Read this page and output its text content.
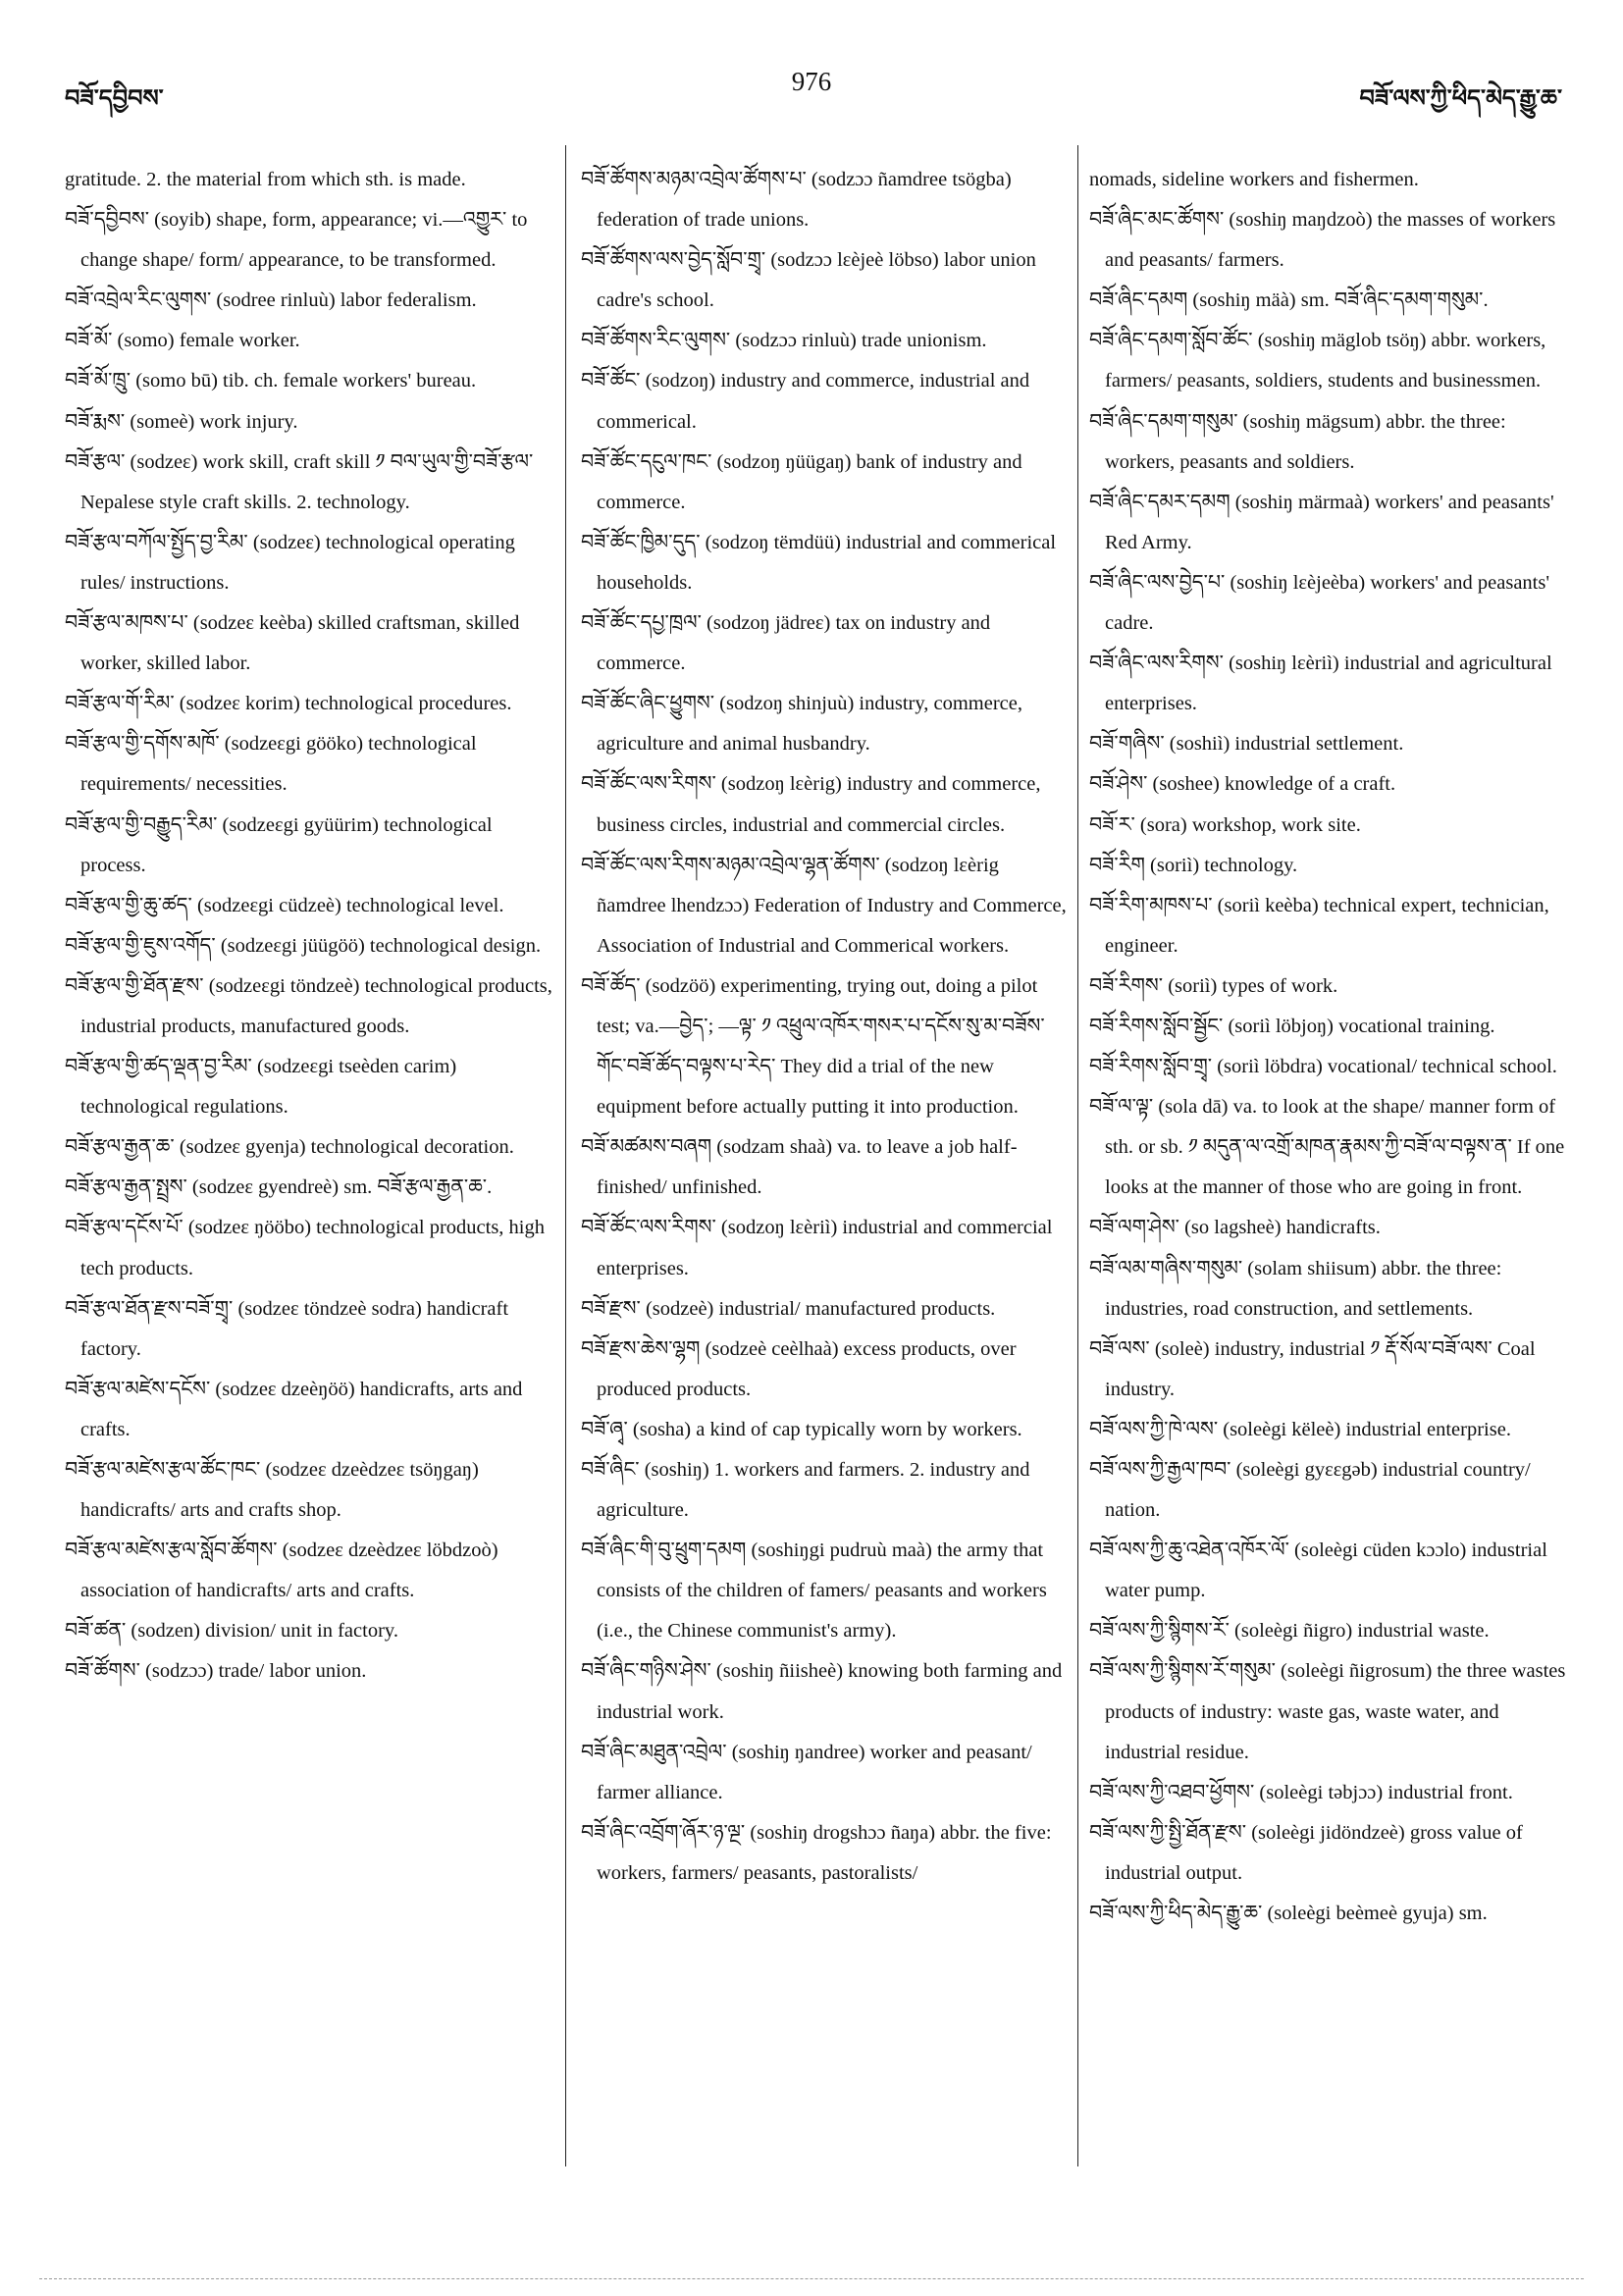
བཟོ་དབྱིབས་
976
བཟོ་ལས་ཀྱི་ཕིད་མེད་རྒྱུ་ཆ་

gratitude. 2. the material from which sth. is made.

བཟོ་དབྱིབས་ (soyib) shape, form, appearance; vi.—འགྱུར་ to change shape/ form/ appearance, to be transformed.

བཟོ་འབྲེལ་རིང་ལུགས་ (sodree rinluù) labor federalism.

བཟོ་མོ་ (somo) female worker.

བཟོ་མོ་ཁྲུ་ (somo bū) tib. ch. female workers' bureau.

བཟོ་རྨས་ (someè) work injury.

བཟོ་རྩལ་ (sodzeε) work skill, craft skill ༡ བལ་ཡུལ་གྱི་བཟོ་རྩལ་ Nepalese style craft skills. 2. technology.

བཟོ་རྩལ་བཀོལ་སྤྱོད་བྱ་རིམ་ (sodzeε) technological operating rules/ instructions.

བཟོ་རྩལ་མཁས་པ་ (sodzeε keèba) skilled craftsman, skilled worker, skilled labor.

བཟོ་རྩལ་གོ་རིམ་ (sodzeε korim) technological procedures.

བཟོ་རྩལ་གྱི་དགོས་མཁོ་ (sodzeεgi gööko) technological requirements/ necessities.

བཟོ་རྩལ་གྱི་བརྒྱུད་རིམ་ (sodzeεgi gyüürim) technological process.

བཟོ་རྩལ་གྱི་ཆུ་ཚད་ (sodzeεgi cüdzeè) technological level.

བཟོ་རྩལ་གྱི་ཇུས་འགོད་ (sodzeεgi jüügöö) technological design.

བཟོ་རྩལ་གྱི་ཐོན་རྫས་ (sodzeεgi töndzeè) technological products, industrial products, manufactured goods.

བཟོ་རྩལ་གྱི་ཚད་ལྡན་བྱ་རིམ་ (sodzeεgi tseèden carim) technological regulations.

བཟོ་རྩལ་རྒྱན་ཆ་ (sodzeε gyenja) technological decoration.

བཟོ་རྩལ་རྒྱན་སྤྲས་ (sodzeε gyendreè) sm. བཟོ་རྩལ་རྒྱན་ཆ་.

བཟོ་རྩལ་དངོས་པོ་ (sodzeε ŋööbo) technological products, high tech products.

བཟོ་རྩལ་ཐོན་རྫས་བཟོ་གྲྭ་ (sodzeε töndzeè sodra) handicraft factory.

བཟོ་རྩལ་མཛེས་དངོས་ (sodzeε dzeèŋöö) handicrafts, arts and crafts.

བཟོ་རྩལ་མཛེས་རྩལ་ཚོང་ཁང་ (sodzeε dzeèdzeε tsöŋgaŋ) handicrafts/ arts and crafts shop.

བཟོ་རྩལ་མཛེས་རྩལ་སློབ་ཚོགས་ (sodzeε dzeèdzeε löbdzoò) association of handicrafts/ arts and crafts.

བཟོ་ཚན་ (sodzen) division/ unit in factory.

བཟོ་ཚོགས་ (sodzɔɔ) trade/ labor union.

བཟོ་ཚོགས་མཉམ་འབྲེལ་ཚོགས་པ་ (sodzɔɔ ñamdree tsögba) federation of trade unions.

བཟོ་ཚོགས་ལས་བྱེད་སློབ་གྲྭ་ (sodzɔɔ lεèjeè löbso) labor union cadre's school.

བཟོ་ཚོགས་རིང་ལུགས་ (sodzɔɔ rinluù) trade unionism.

བཟོ་ཚོང་ (sodzoŋ) industry and commerce, industrial and commerical.

བཟོ་ཚོང་དངུལ་ཁང་ (sodzoŋ ŋüügaŋ) bank of industry and commerce.

བཟོ་ཚོང་ཁྱིམ་དུད་ (sodzoŋ tëmdüü) industrial and commerical households.

བཟོ་ཚོང་དཔྱ་ཁྲལ་ (sodzoŋ jädreε) tax on industry and commerce.

བཟོ་ཚོང་ཞིང་ཕྱུགས་ (sodzoŋ shinjuù) industry, commerce, agriculture and animal husbandry.

བཟོ་ཚོང་ལས་རིགས་ (sodzoŋ lεèrig) industry and commerce, business circles, industrial and commercial circles.

བཟོ་ཚོང་ལས་རིགས་མཉམ་འབྲེལ་ལྷན་ཚོགས་ (sodzoŋ lεèrig ñamdree lhendzɔɔ) Federation of Industry and Commerce, Association of Industrial and Commerical workers.

བཟོ་ཚོད་ (sodzöö) experimenting, trying out, doing a pilot test; va.—བྱེད་; —ལྟ་ ༡ འཕྲུལ་འཁོར་གསར་པ་དངོས་སུ་མ་བཟོས་གོང་བཟོ་ཚོད་བལྟས་པ་རེད་ They did a trial of the new equipment before actually putting it into production.

བཟོ་མཚམས་བཞག (sodzam shaà) va. to leave a job half-finished/ unfinished.

བཟོ་ཚོང་ལས་རིགས་ (sodzoŋ lεèriì) industrial and commercial enterprises.

བཟོ་རྫས་ (sodzeè) industrial/ manufactured products.

བཟོ་རྫས་ཆེས་ལྷག (sodzeè ceèlhaà) excess products, over produced products.

བཟོ་ཞྭ་ (sosha) a kind of cap typically worn by workers.

བཟོ་ཞིང་ (soshiŋ) 1. workers and farmers. 2. industry and agriculture.

བཟོ་ཞིང་གི་བུ་ཕྲུག་དམག (soshiŋgi pudruù maà) the army that consists of the children of famers/ peasants and workers (i.e., the Chinese communist's army).

བཟོ་ཞིང་གཉིས་ཤེས་ (soshiŋ ñiisheè) knowing both farming and industrial work.

བཟོ་ཞིང་མཐུན་འབྲེལ་ (soshiŋ ŋandree) worker and peasant/ farmer alliance.

བཟོ་ཞིང་འབྲོག་ཞོར་ཉ་ལྔ་ (soshiŋ drogshɔɔ ñaŋa) abbr. the five: workers, farmers/ peasants, pastoralists/

nomads, sideline workers and fishermen.

བཟོ་ཞིང་མང་ཚོགས་ (soshiŋ maŋdzoò) the masses of workers and peasants/ farmers.

བཟོ་ཞིང་དམག (soshiŋ mäà) sm. བཟོ་ཞིང་དམག་གསུམ་.

བཟོ་ཞིང་དམག་སློབ་ཚོང་ (soshiŋ mäglob tsöŋ) abbr. workers, farmers/ peasants, soldiers, students and businessmen.

བཟོ་ཞིང་དམག་གསུམ་ (soshiŋ mägsum) abbr. the three: workers, peasants and soldiers.

བཟོ་ཞིང་དམར་དམག (soshiŋ märmaà) workers' and peasants' Red Army.

བཟོ་ཞིང་ལས་བྱེད་པ་ (soshiŋ lεèjeèba) workers' and peasants' cadre.

བཟོ་ཞིང་ལས་རིགས་ (soshiŋ lεèriì) industrial and agricultural enterprises.

བཟོ་གཞིས་ (soshiì) industrial settlement.

བཟོ་ཤེས་ (soshee) knowledge of a craft.

བཟོ་ར་ (sora) workshop, work site.

བཟོ་རིག (soriì) technology.

བཟོ་རིག་མཁས་པ་ (soriì keèba) technical expert, technician, engineer.

བཟོ་རིགས་ (soriì) types of work.

བཟོ་རིགས་སློབ་སྦྱོང་ (soriì löbjoŋ) vocational training.

བཟོ་རིགས་སློབ་གྲྭ་ (soriì löbdra) vocational/ technical school.

བཟོ་ལ་ལྟ་ (sola dā) va. to look at the shape/ manner form of sth. or sb. ༡ མདུན་ལ་འགྲོ་མཁན་རྣམས་ཀྱི་བཟོ་ལ་བལྟས་ན་ If one looks at the manner of those who are going in front.

བཟོ་ལག་ཤེས་ (so lagsheè) handicrafts.

བཟོ་ལམ་གཞིས་གསུམ་ (solam shiisum) abbr. the three: industries, road construction, and settlements.

བཟོ་ལས་ (soleè) industry, industrial ༡ རྡོ་སོལ་བཟོ་ལས་ Coal industry.

བཟོ་ལས་ཀྱི་ཁེ་ལས་ (soleègi këleè) industrial enterprise.

བཟོ་ལས་ཀྱི་རྒྱལ་ཁབ་ (soleègi gyεεgəb) industrial country/ nation.

བཟོ་ལས་ཀྱི་ཆུ་འཐེན་འཁོར་ལོ་ (soleègi cüden kɔɔlo) industrial water pump.

བཟོ་ལས་ཀྱི་སྙིགས་རོ་ (soleègi ñigro) industrial waste.

བཟོ་ལས་ཀྱི་སྙིགས་རོ་གསུམ་ (soleègi ñigrosum) the three wastes products of industry: waste gas, waste water, and industrial residue.

བཟོ་ལས་ཀྱི་འཐབ་ཕྱོགས་ (soleègi təbjɔɔ) industrial front.

བཟོ་ལས་ཀྱི་སྤྱི་ཐོན་རྫས་ (soleègi jidöndzeè) gross value of industrial output.

བཟོ་ལས་ཀྱི་ཕིད་མེད་རྒྱུ་ཆ་ (soleègi beèmeè gyuja) sm.
